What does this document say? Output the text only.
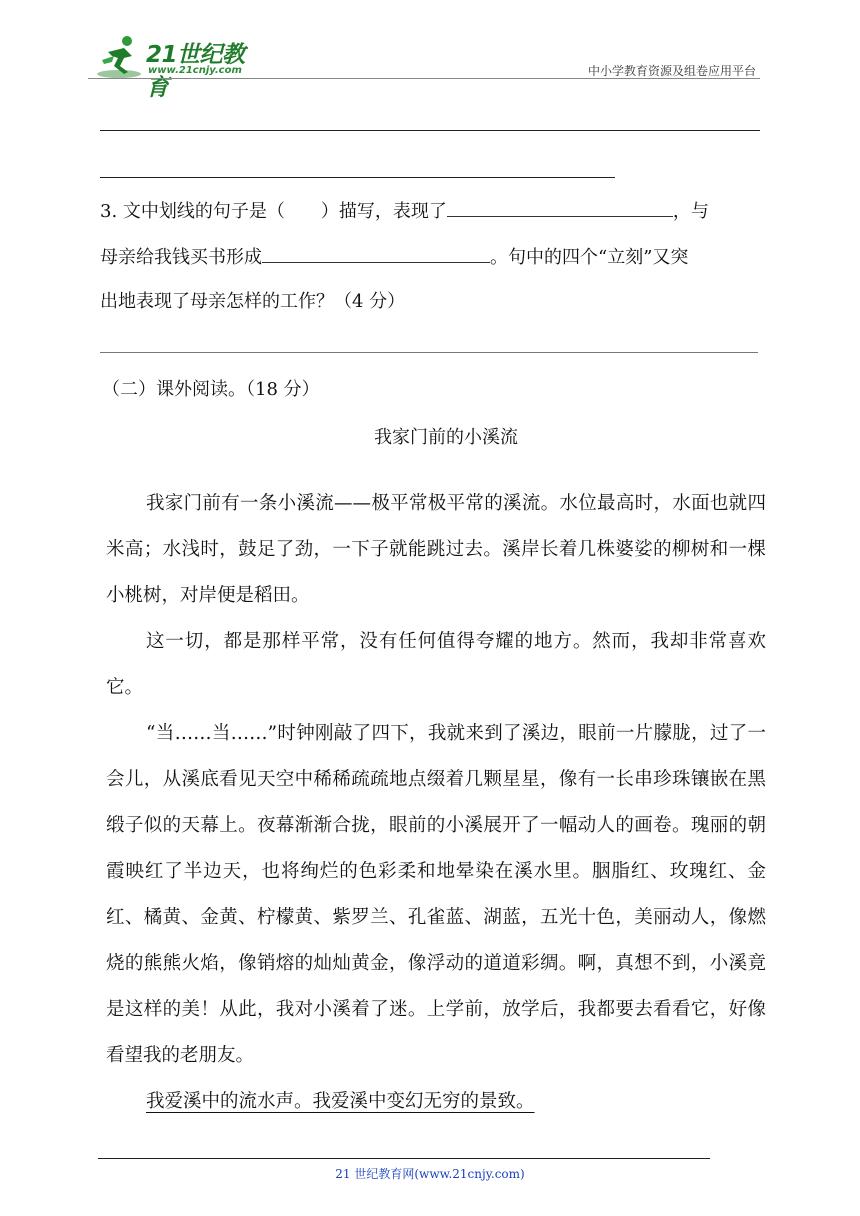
21世纪教育
www.21cnjy.com	中小学教育资源及组卷应用平台
3. 文中划线的句子是（　　）描写，表现了	，与
母亲给我钱买书形成	。句中的四个“立刻”又突
出地表现了母亲怎样的工作？（4 分）
（二）课外阅读。（18 分）
我家门前的小溪流
我家门前有一条小溪流——极平常极平常的溪流。水位最高时，水面也就四米高；水浅时，鼓足了劲，一下子就能跳过去。溪岸长着几株婆娑的柳树和一棵小桃树，对岸便是稻田。
这一切，都是那样平常，没有任何值得夸耀的地方。然而，我却非常喜欢它。
“当……当……”时钟刚敲了四下，我就来到了溪边，眼前一片朦胧，过了一会儿，从溪底看见天空中稀稀疏疏地点缀着几颗星星，像有一长串珍珠镶嵌在黑缎子似的天幕上。夜幕渐渐合拢，眼前的小溪展开了一幅动人的画卷。瑰丽的朝霞映红了半边天，也将绚烂的色彩柔和地晕染在溪水里。胭脂红、玫瑰红、金红、橘黄、金黄、柠檬黄、紫罗兰、孔雀蓝、湖蓝，五光十色，美丽动人，像燃烧的熊熊火焰，像销熔的灿灿黄金，像浮动的道道彩绸。啊，真想不到，小溪竟是这样的美！从此，我对小溪着了迷。上学前，放学后，我都要去看看它，好像看望我的老朋友。
我爱溪中的流水声。我爱溪中变幻无穷的景致。
21 世纪教育网(www.21cnjy.com)
